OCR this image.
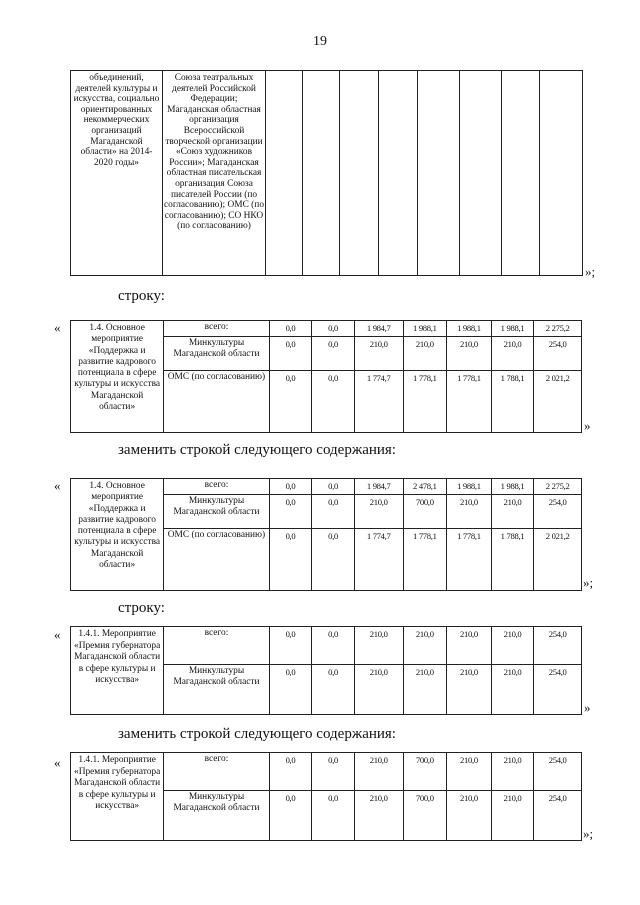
19
объединений, деятелей культуры и искусства, социально ориентированных некоммерческих организаций Магаданской области» на 2014-2020 годы»	Союза театральных деятелей Российской Федерации; Магаданская областная организация Всероссийской творческой организации «Союз художников России»; Магаданская областная писательская организация Союза писателей России (по согласованию); ОМС (по согласованию); СО НКО (по согласованию)								
»;
строку:
«	1.4. Основное мероприятие «Поддержка и развитие кадрового потенциала в сфере культуры и искусства Магаданской области»	всего:	0,0	0,0	1 984,7	1 988,1	1 988,1	1 988,1	2 275,2
	Минкультуры Магаданской области	0,0	0,0	210,0	210,0	210,0	210,0	254,0
	ОМС (по согласованию)	0,0	0,0	1 774,7	1 778,1	1 778,1	1 788,1	2 021,2
»
заменить строкой следующего содержания:
«	1.4. Основное мероприятие «Поддержка и развитие кадрового потенциала в сфере культуры и искусства Магаданской области»	всего:	0,0	0,0	1 984,7	2 478,1	1 988,1	1 988,1	2 275,2
	Минкультуры Магаданской области	0,0	0,0	210,0	700,0	210,0	210,0	254,0
	ОМС (по согласованию)	0,0	0,0	1 774,7	1 778,1	1 778,1	1 788,1	2 021,2
»;
строку:
« 1.4.1. Мероприятие «Премия губернатора Магаданской области в сфере культуры и искусства»	всего:	0,0	0,0	210,0	210,0	210,0	210,0	254,0
	Минкультуры Магаданской области	0,0	0,0	210,0	210,0	210,0	210,0	254,0
»
заменить строкой следующего содержания:
« 1.4.1. Мероприятие «Премия губернатора Магаданской области в сфере культуры и искусства»	всего:	0,0	0,0	210,0	700,0	210,0	210,0	254,0
	Минкультуры Магаданской области	0,0	0,0	210,0	700,0	210,0	210,0	254,0
»;
